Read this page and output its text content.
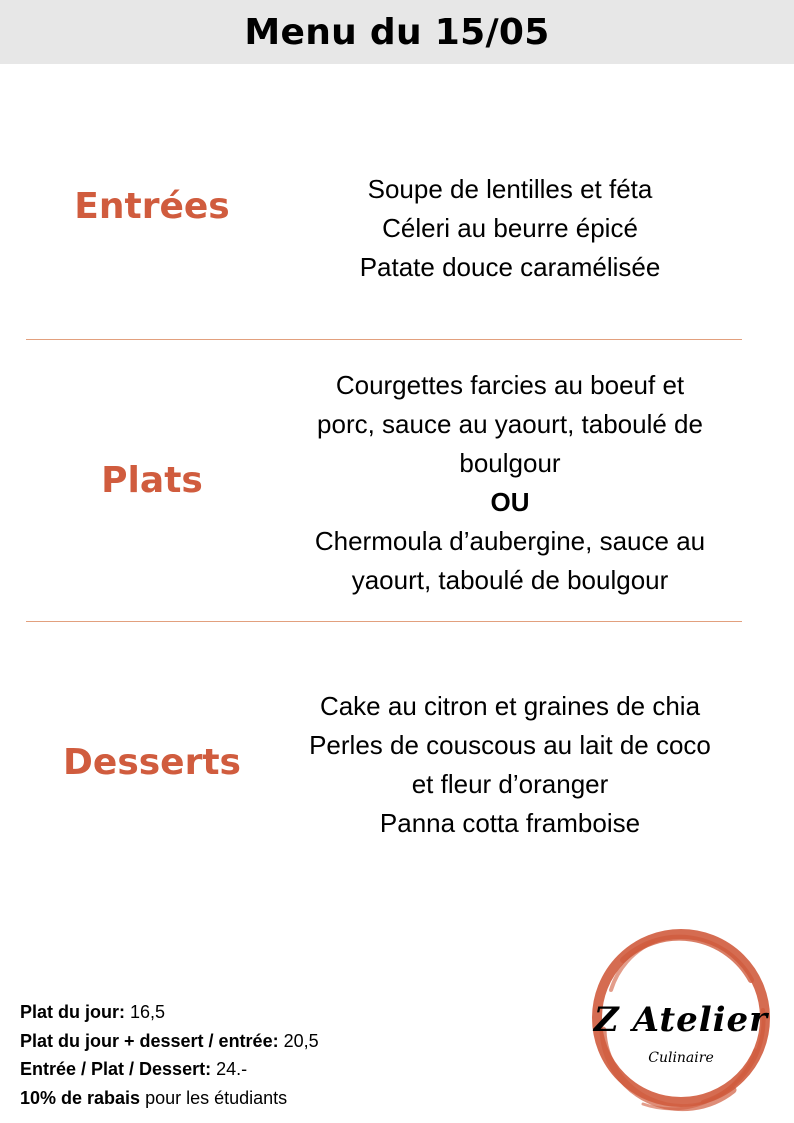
Menu du 15/05
Entrées	Soupe de lentilles et féta
Céleri au beurre épicé
Patate douce caramélisée
Plats
Courgettes farcies au boeuf et
porc, sauce au yaourt, taboulé de
boulgour
OU
Chermoula d’aubergine, sauce au
yaourt, taboulé de boulgour
Desserts
Cake au citron et graines de chia
Perles de couscous au lait de coco
et fleur d’oranger
Panna cotta framboise
Plat du jour: 16,5
Plat du jour + dessert / entrée: 20,5
Entrée / Plat / Dessert: 24.-
10% de rabais pour les étudiants
Z Atelier
Culinaire
